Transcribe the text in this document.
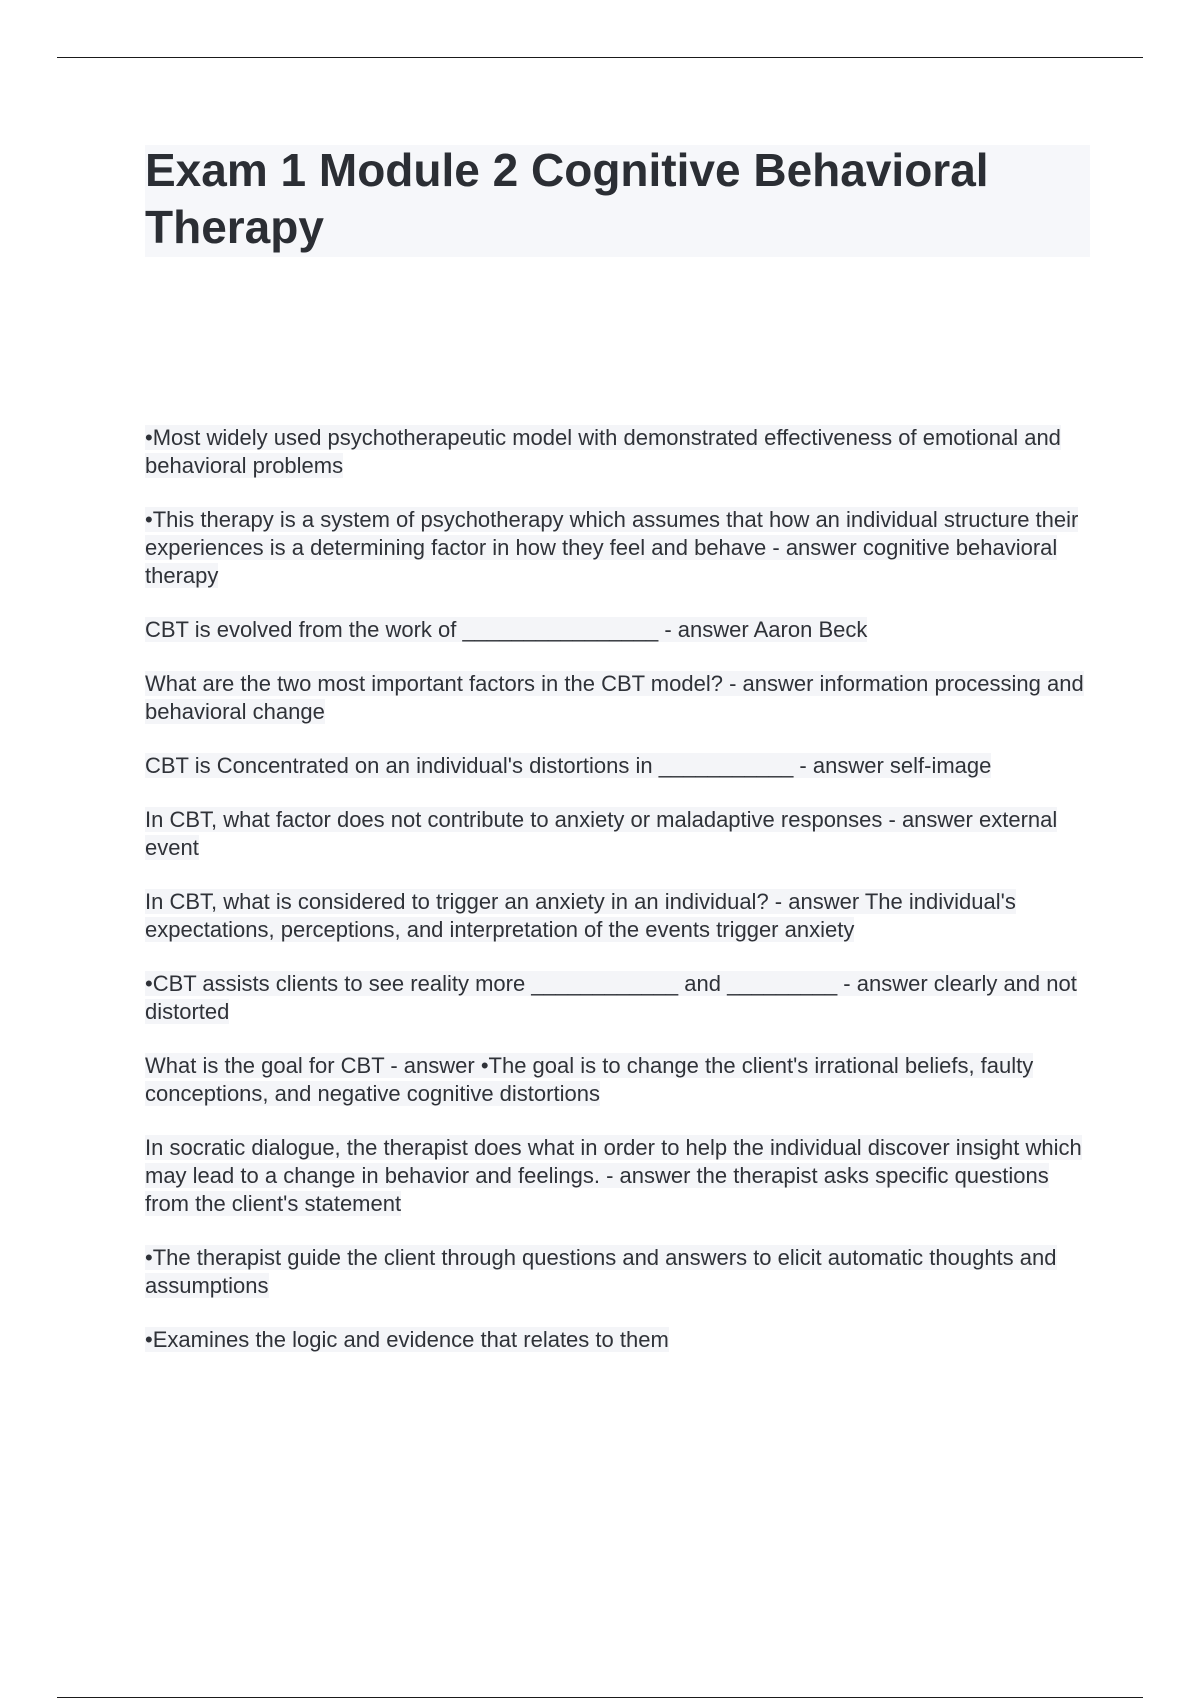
Exam 1 Module 2 Cognitive Behavioral Therapy

•Most widely used psychotherapeutic model with demonstrated effectiveness of emotional and behavioral problems

•This therapy is a system of psychotherapy which assumes that how an individual structure their experiences is a determining factor in how they feel and behave - answer cognitive behavioral therapy

CBT is evolved from the work of ________________ - answer Aaron Beck

What are the two most important factors in the CBT model? - answer information processing and behavioral change

CBT is Concentrated on an individual's distortions in ___________ - answer self-image

In CBT, what factor does not contribute to anxiety or maladaptive responses - answer external event

In CBT, what is considered to trigger an anxiety in an individual? - answer The individual's expectations, perceptions, and interpretation of the events trigger anxiety

•CBT assists clients to see reality more ____________ and _________ - answer clearly and not distorted

What is the goal for CBT - answer •The goal is to change the client's irrational beliefs, faulty conceptions, and negative cognitive distortions

In socratic dialogue, the therapist does what in order to help the individual discover insight which may lead to a change in behavior and feelings. - answer the therapist asks specific questions from the client's statement

•The therapist guide the client through questions and answers to elicit automatic thoughts and assumptions

•Examines the logic and evidence that relates to them
